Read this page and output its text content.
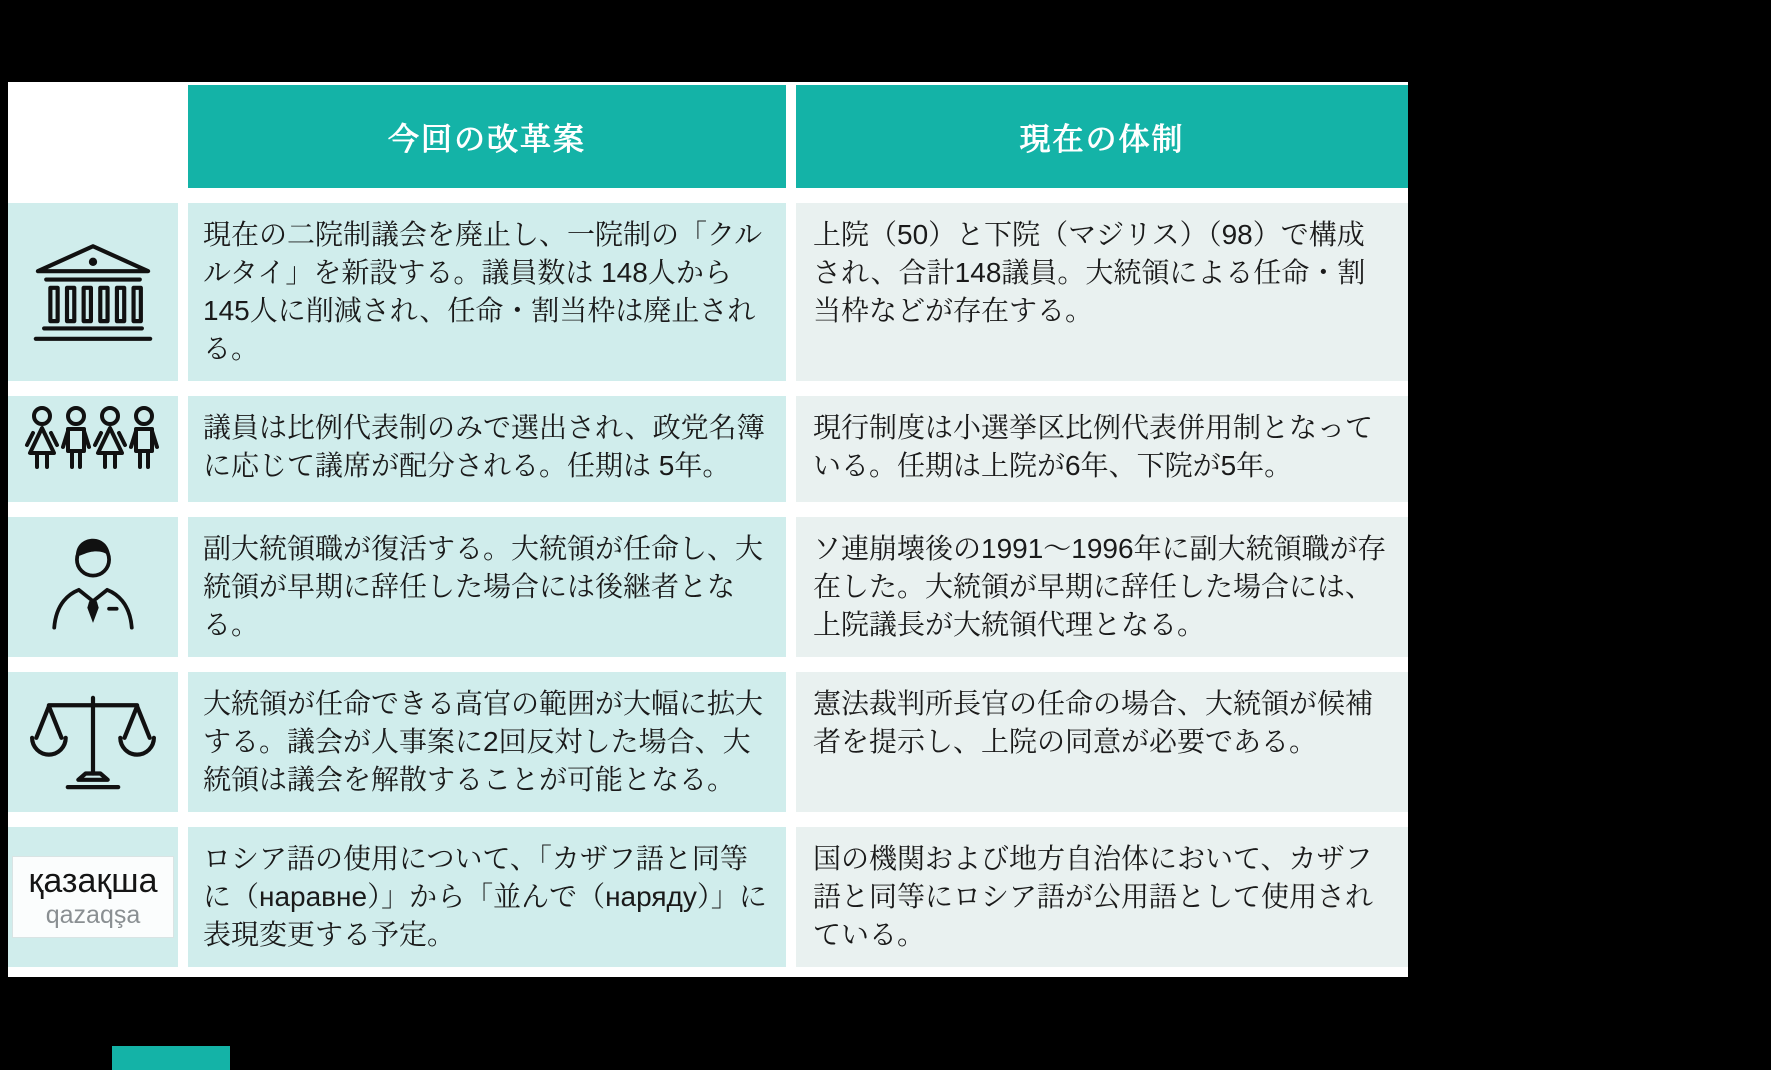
今回の改革案	現在の体制
現在の二院制議会を廃止し、一院制の「クルルタイ」を新設する。議員数は 148人から145人に削減され、任命・割当枠は廃止される。
上院（50）と下院（マジリス）（98）で構成され、合計148議員。大統領による任命・割当枠などが存在する。
議員は比例代表制のみで選出され、政党名簿に応じて議席が配分される。任期は 5年。
現行制度は小選挙区比例代表併用制となっている。任期は上院が6年、下院が5年。
副大統領職が復活する。大統領が任命し、大統領が早期に辞任した場合には後継者となる。
ソ連崩壊後の1991～1996年に副大統領職が存在した。大統領が早期に辞任した場合には、上院議長が大統領代理となる。
大統領が任命できる高官の範囲が大幅に拡大する。議会が人事案に2回反対した場合、大統領は議会を解散することが可能となる。
憲法裁判所長官の任命の場合、大統領が候補者を提示し、上院の同意が必要である。
қазақша
qazaqşa
ロシア語の使用について、「カザフ語と同等に（наравне）」から「並んで（наряду）」に表現変更する予定。
国の機関および地方自治体において、カザフ語と同等にロシア語が公用語として使用されている。
